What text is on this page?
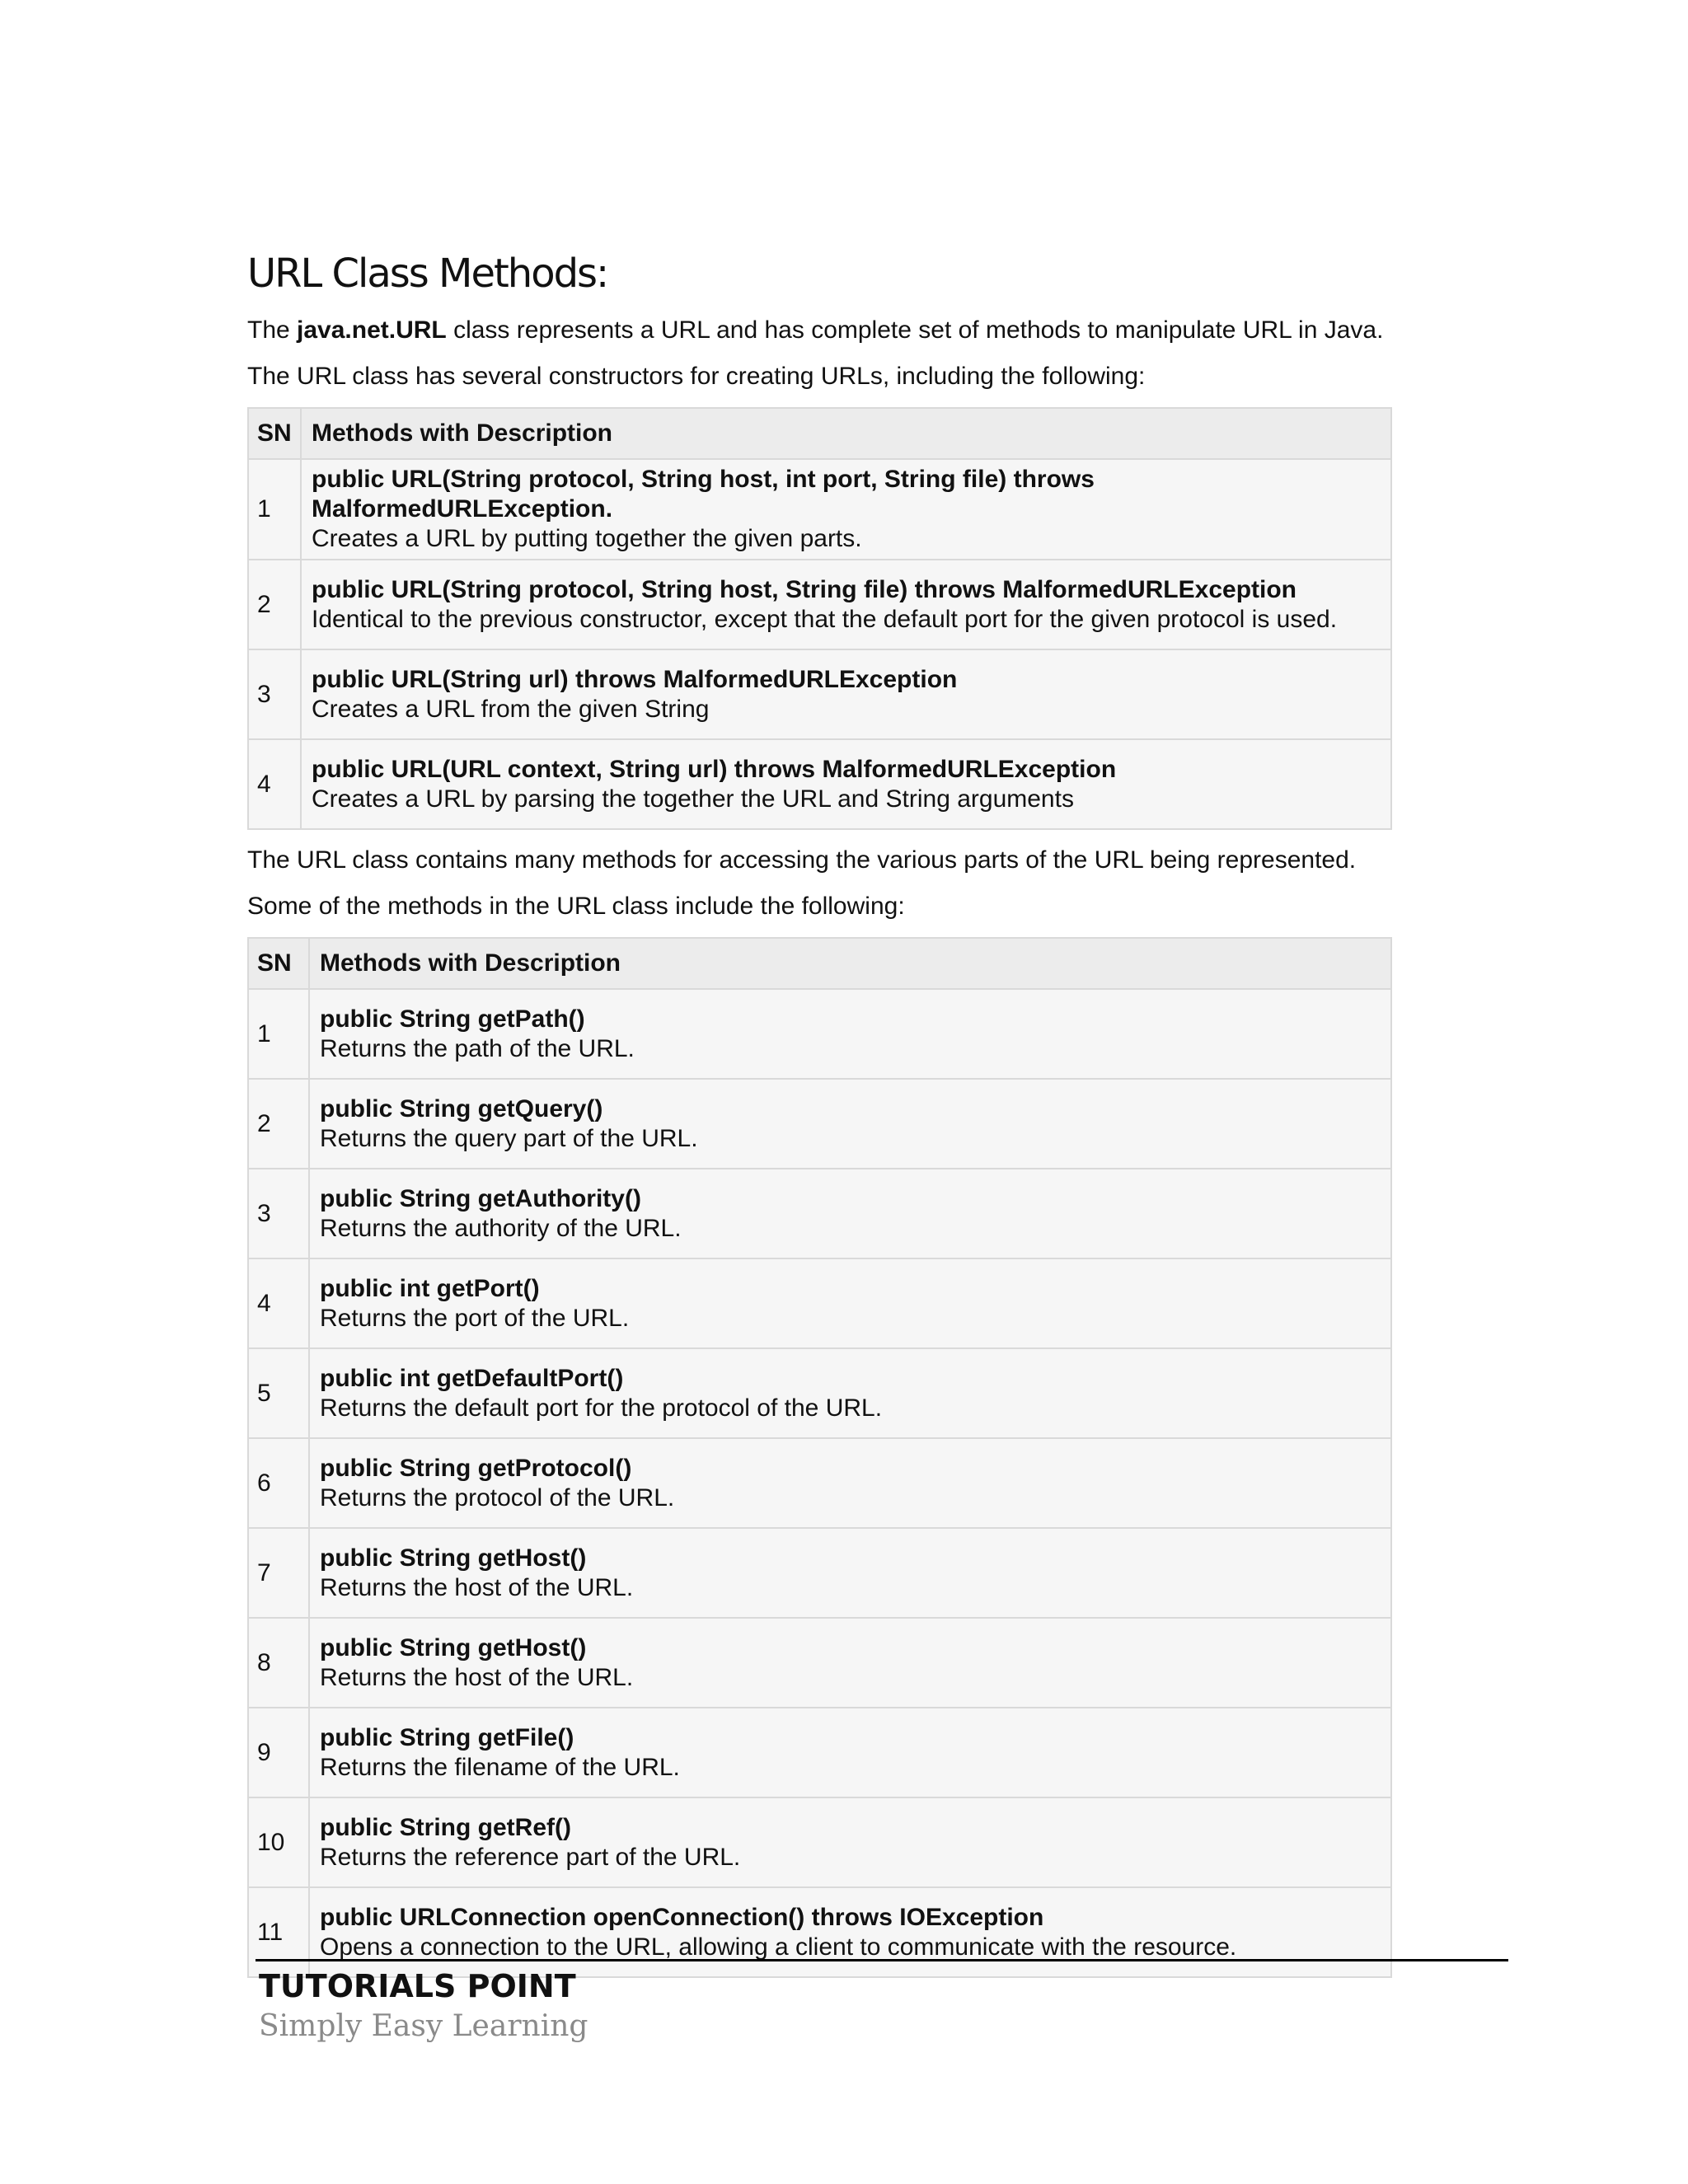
URL Class Methods:

The java.net.URL class represents a URL and has complete set of methods to manipulate URL in Java.

The URL class has several constructors for creating URLs, including the following:

SN	Methods with Description
1	public URL(String protocol, String host, int port, String file) throws MalformedURLException.
Creates a URL by putting together the given parts.

2	public URL(String protocol, String host, String file) throws MalformedURLException
Identical to the previous constructor, except that the default port for the given protocol is used.

3	public URL(String url) throws MalformedURLException
Creates a URL from the given String

4	public URL(URL context, String url) throws MalformedURLException
Creates a URL by parsing the together the URL and String arguments

The URL class contains many methods for accessing the various parts of the URL being represented.

Some of the methods in the URL class include the following:

SN	Methods with Description
1	public String getPath()
Returns the path of the URL.

2	public String getQuery()
Returns the query part of the URL.

3	public String getAuthority()
Returns the authority of the URL.

4	public int getPort()
Returns the port of the URL.

5	public int getDefaultPort()
Returns the default port for the protocol of the URL.

6	public String getProtocol()
Returns the protocol of the URL.

7	public String getHost()
Returns the host of the URL.

8	public String getHost()
Returns the host of the URL.

9	public String getFile()
Returns the filename of the URL.

10	public String getRef()
Returns the reference part of the URL.

11	public URLConnection openConnection() throws IOException
Opens a connection to the URL, allowing a client to communicate with the resource.
TUTORIALS POINT
Simply Easy Learning
